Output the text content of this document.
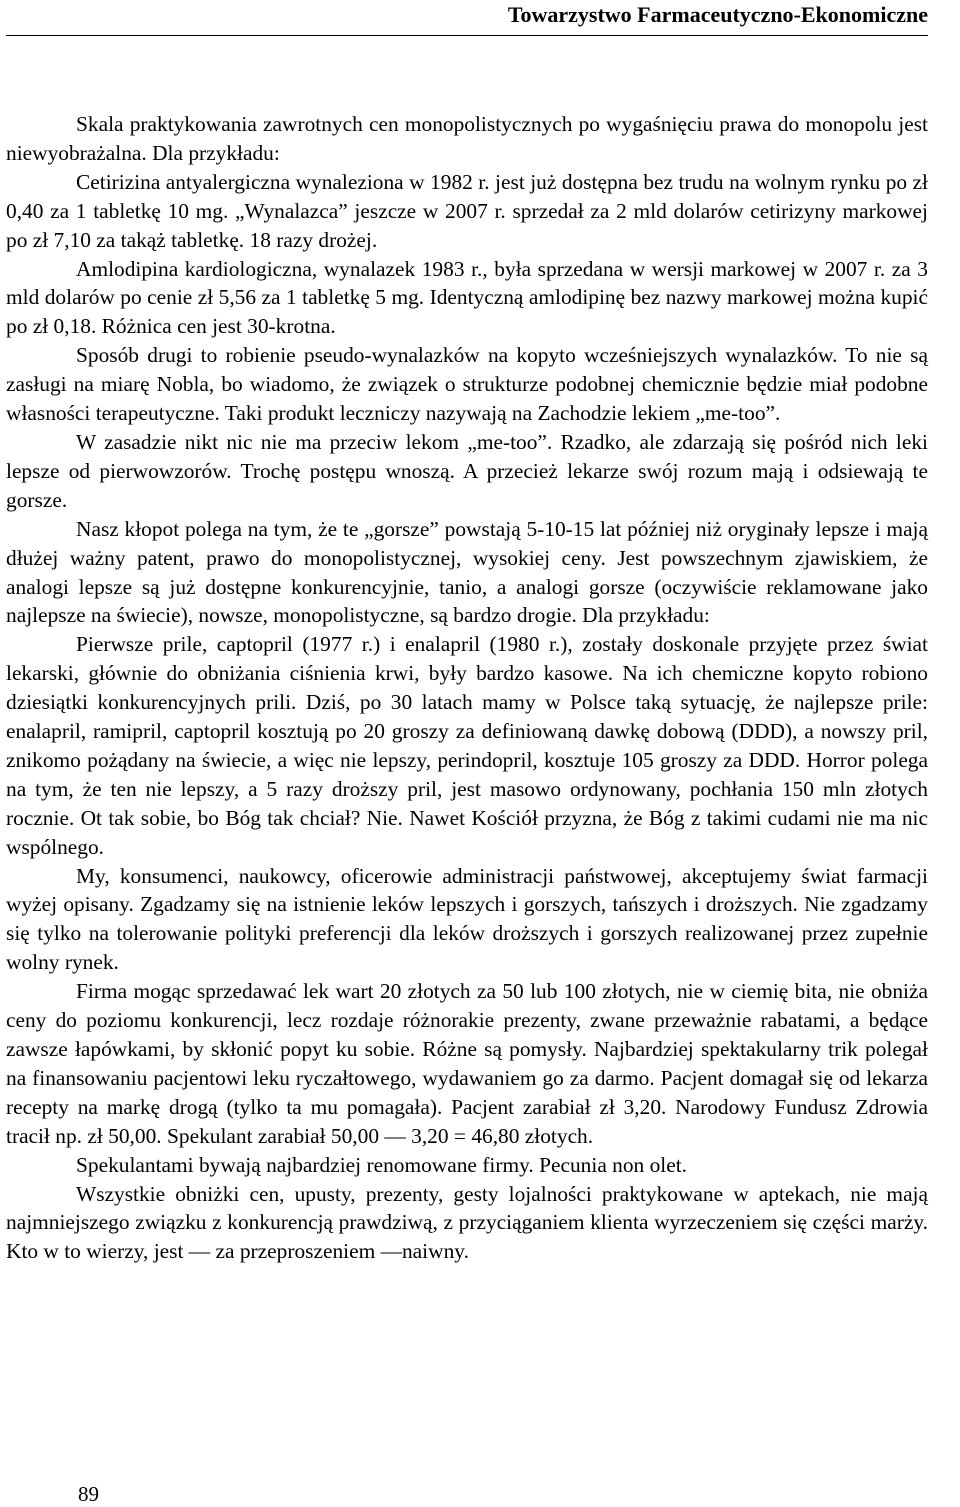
Towarzystwo Farmaceutyczno-Ekonomiczne

Skala praktykowania zawrotnych cen monopolistycznych po wygaśnięciu prawa do monopolu jest niewyobrażalna. Dla przykładu:

Cetirizina antyalergiczna wynaleziona w 1982 r. jest już dostępna bez trudu na wolnym rynku po zł 0,40 za 1 tabletkę 10 mg. „Wynalazca” jeszcze w 2007 r. sprzedał za 2 mld dolarów cetirizyny markowej po zł 7,10 za takąż tabletkę. 18 razy drożej.

Amlodipina kardiologiczna, wynalazek 1983 r., była sprzedana w wersji markowej w 2007 r. za 3 mld dolarów po cenie zł 5,56 za 1 tabletkę 5 mg. Identyczną amlodipinę bez nazwy markowej można kupić po zł 0,18. Różnica cen jest 30-krotna.

Sposób drugi to robienie pseudo-wynalazków na kopyto wcześniejszych wynalazków. To nie są zasługi na miarę Nobla, bo wiadomo, że związek o strukturze podobnej chemicznie będzie miał podobne własności terapeutyczne. Taki produkt leczniczy nazywają na Zachodzie lekiem „me-too”.

W zasadzie nikt nic nie ma przeciw lekom „me-too”. Rzadko, ale zdarzają się pośród nich leki lepsze od pierwowzorów. Trochę postępu wnoszą. A przecież lekarze swój rozum mają i odsiewają te gorsze.

Nasz kłopot polega na tym, że te „gorsze” powstają 5-10-15 lat później niż oryginały lepsze i mają dłużej ważny patent, prawo do monopolistycznej, wysokiej ceny. Jest powszechnym zjawiskiem, że analogi lepsze są już dostępne konkurencyjnie, tanio, a analogi gorsze (oczywiście reklamowane jako najlepsze na świecie), nowsze, monopolistyczne, są bardzo drogie. Dla przykładu:

Pierwsze prile, captopril (1977 r.) i enalapril (1980 r.), zostały doskonale przyjęte przez świat lekarski, głównie do obniżania ciśnienia krwi, były bardzo kasowe. Na ich chemiczne kopyto robiono dziesiątki konkurencyjnych prili. Dziś, po 30 latach mamy w Polsce taką sytuację, że najlepsze prile: enalapril, ramipril, captopril kosztują po 20 groszy za definiowaną dawkę dobową (DDD), a nowszy pril, znikomo pożądany na świecie, a więc nie lepszy, perindopril, kosztuje 105 groszy za DDD. Horror polega na tym, że ten nie lepszy, a 5 razy droższy pril, jest masowo ordynowany, pochłania 150 mln złotych rocznie. Ot tak sobie, bo Bóg tak chciał? Nie. Nawet Kościół przyzna, że Bóg z takimi cudami nie ma nic wspólnego.

My, konsumenci, naukowcy, oficerowie administracji państwowej, akceptujemy świat farmacji wyżej opisany. Zgadzamy się na istnienie leków lepszych i gorszych, tańszych i droższych. Nie zgadzamy się tylko na tolerowanie polityki preferencji dla leków droższych i gorszych realizowanej przez zupełnie wolny rynek.

Firma mogąc sprzedawać lek wart 20 złotych za 50 lub 100 złotych, nie w ciemię bita, nie obniża ceny do poziomu konkurencji, lecz rozdaje różnorakie prezenty, zwane przeważnie rabatami, a będące zawsze łapówkami, by skłonić popyt ku sobie. Różne są pomysły. Najbardziej spektakularny trik polegał na finansowaniu pacjentowi leku ryczałtowego, wydawaniem go za darmo. Pacjent domagał się od lekarza recepty na markę drogą (tylko ta mu pomagała). Pacjent zarabiał zł 3,20. Narodowy Fundusz Zdrowia tracił np. zł 50,00. Spekulant zarabiał 50,00 — 3,20 = 46,80 złotych.

Spekulantami bywają najbardziej renomowane firmy. Pecunia non olet.

Wszystkie obniżki cen, upusty, prezenty, gesty lojalności praktykowane w aptekach, nie mają najmniejszego związku z konkurencją prawdziwą, z przyciąganiem klienta wyrzeczeniem się części marży. Kto w to wierzy, jest — za przeproszeniem —naiwny.

89
